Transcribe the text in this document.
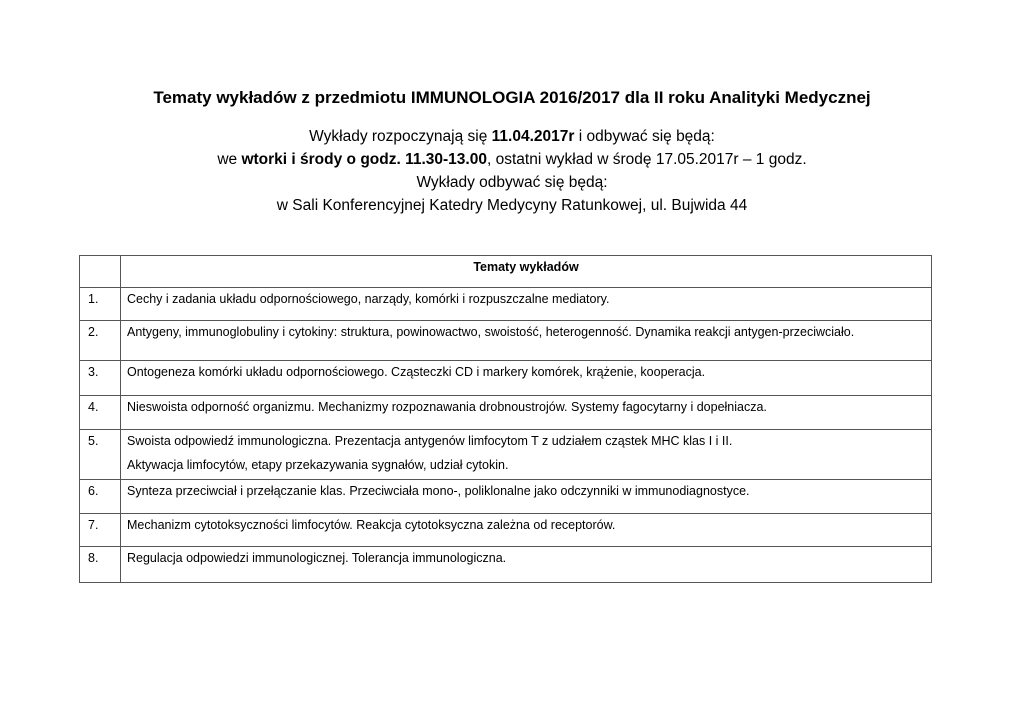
Tematy wykładów z przedmiotu IMMUNOLOGIA 2016/2017 dla II roku Analityki Medycznej
Wykłady rozpoczynają się 11.04.2017r i odbywać się będą:
we wtorki i środy o godz. 11.30-13.00, ostatni wykład w środę 17.05.2017r – 1 godz.
Wykłady odbywać się będą:
w Sali Konferencyjnej Katedry Medycyny Ratunkowej, ul. Bujwida 44
	Tematy wykładów
1.	Cechy i zadania układu odpornościowego, narządy, komórki i rozpuszczalne mediatory.
2.	Antygeny, immunoglobuliny i cytokiny: struktura, powinowactwo, swoistość, heterogenność. Dynamika reakcji antygen-przeciwciało.
3.	Ontogeneza komórki układu odpornościowego. Cząsteczki CD i markery komórek, krążenie, kooperacja.
4.	Nieswoista odporność organizmu. Mechanizmy rozpoznawania drobnoustrojów. Systemy fagocytarny i dopełniacza.
5.	Swoista odpowiedź immunologiczna. Prezentacja antygenów limfocytom T z udziałem cząstek MHC klas I i II.
Aktywacja limfocytów, etapy przekazywania sygnałów, udział cytokin.

6.	Synteza przeciwciał i przełączanie klas. Przeciwciała mono-, poliklonalne jako odczynniki w immunodiagnostyce.
7.	Mechanizm cytotoksyczności limfocytów. Reakcja cytotoksyczna zależna od receptorów.
8.	Regulacja odpowiedzi immunologicznej. Tolerancja immunologiczna.
